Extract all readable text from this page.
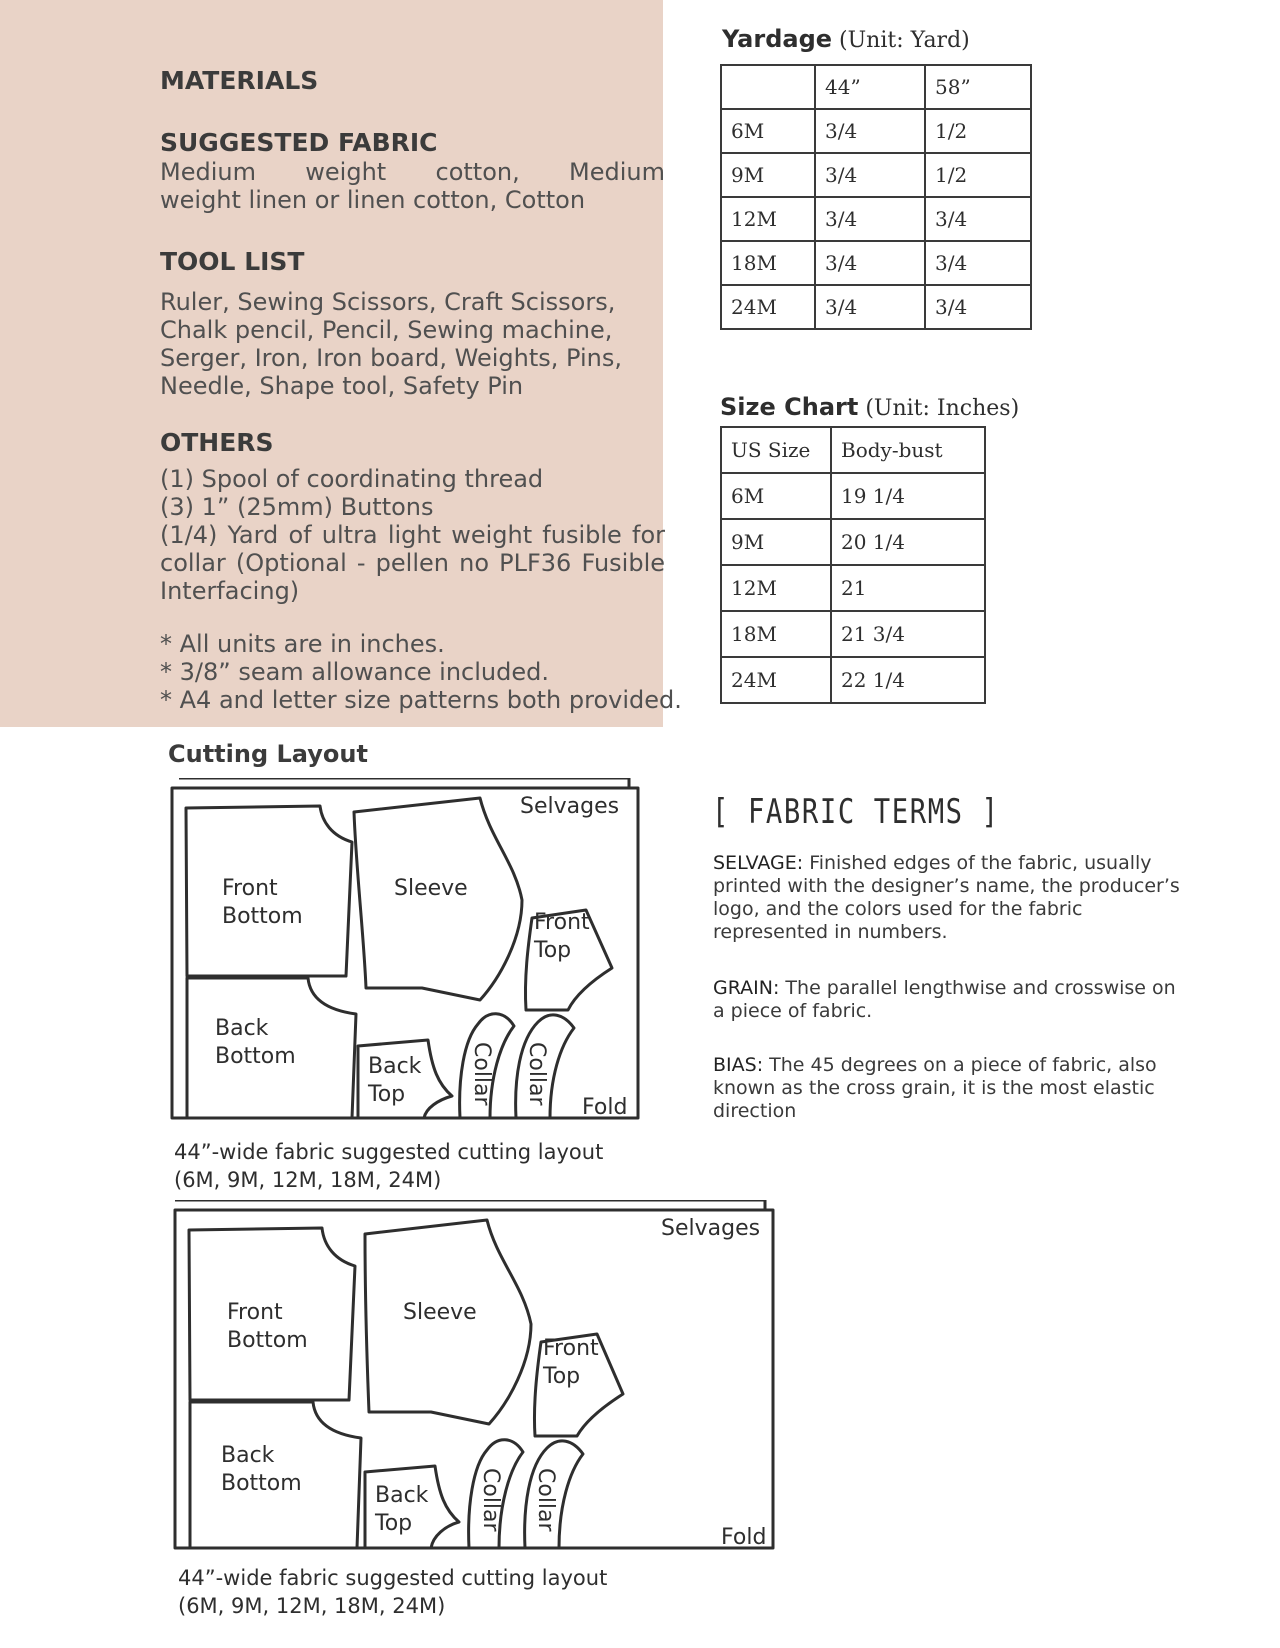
MATERIALS
SUGGESTED FABRIC
Medium weight cotton, Medium
weight linen or linen cotton, Cotton
TOOL LIST
Ruler, Sewing Scissors, Craft Scissors,
Chalk pencil, Pencil, Sewing machine,
Serger, Iron, Iron board, Weights, Pins,
Needle, Shape tool, Safety Pin
OTHERS
(1) Spool of coordinating thread
(3) 1” (25mm) Buttons
(1/4) Yard of ultra light weight fusible for
collar (Optional - pellen no PLF36 Fusible
Interfacing)
* All units are in inches.
* 3/8” seam allowance included.
* A4 and letter size patterns both provided.
Yardage (Unit: Yard)
	44”	58”
6M	3/4	1/2
9M	3/4	1/2
12M	3/4	3/4
18M	3/4	3/4
24M	3/4	3/4
Size Chart (Unit: Inches)
US Size	Body-bust
6M	19 1/4
9M	20 1/4
12M	21
18M	21 3/4
24M	22 1/4
Cutting Layout
Selvages
Front
Bottom
Sleeve
Front
Top
Back
Bottom	Back
Top	Collar Collar
Fold
44”-wide fabric suggested cutting layout
(6M, 9M, 12M, 18M, 24M)
Selvages
Front
Bottom
Sleeve
Front
Top
Back
Bottom	Back
Top	Collar Collar
Fold
44”-wide fabric suggested cutting layout
(6M, 9M, 12M, 18M, 24M)
[ FABRIC TERMS ]
SELVAGE: Finished edges of the fabric, usually printed with the designer’s name, the producer’s logo, and the colors used for the fabric represented in numbers.
GRAIN: The parallel lengthwise and crosswise on a piece of fabric.
BIAS: The 45 degrees on a piece of fabric, also known as the cross grain, it is the most elastic direction
